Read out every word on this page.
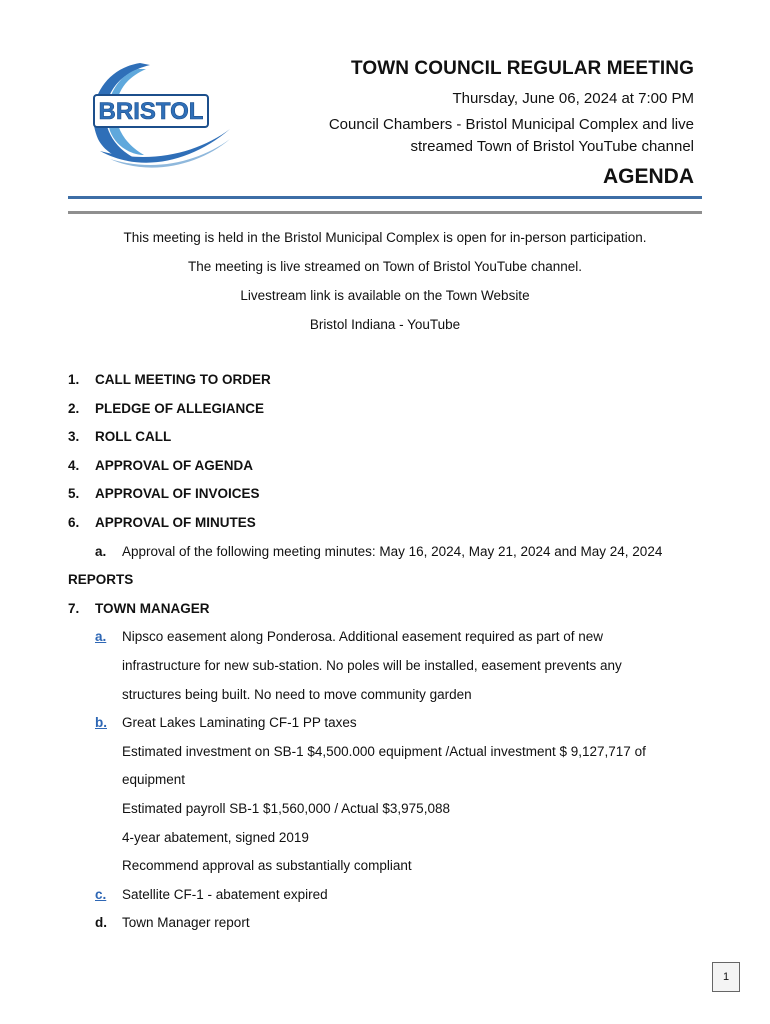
BRISTOL
TOWN COUNCIL REGULAR MEETING
Thursday, June 06, 2024 at 7:00 PM
Council Chambers - Bristol Municipal Complex and live
streamed Town of Bristol YouTube channel
AGENDA
This meeting is held in the Bristol Municipal Complex is open for in-person participation.
The meeting is live streamed on Town of Bristol YouTube channel.
Livestream link is available on the Town Website
Bristol Indiana - YouTube
1. CALL MEETING TO ORDER
2. PLEDGE OF ALLEGIANCE
3. ROLL CALL
4. APPROVAL OF AGENDA
5. APPROVAL OF INVOICES
6. APPROVAL OF MINUTES
a. Approval of the following meeting minutes: May 16, 2024, May 21, 2024 and May 24, 2024
REPORTS
7. TOWN MANAGER
a. Nipsco easement along Ponderosa. Additional easement required as part of new
infrastructure for new sub-station. No poles will be installed, easement prevents any
structures being built. No need to move community garden
b. Great Lakes Laminating CF-1 PP taxes
Estimated investment on SB-1 $4,500.000 equipment /Actual investment $ 9,127,717 of
equipment
Estimated payroll SB-1 $1,560,000 / Actual $3,975,088
4-year abatement, signed 2019
Recommend approval as substantially compliant
c. Satellite CF-1 - abatement expired
d. Town Manager report
1
